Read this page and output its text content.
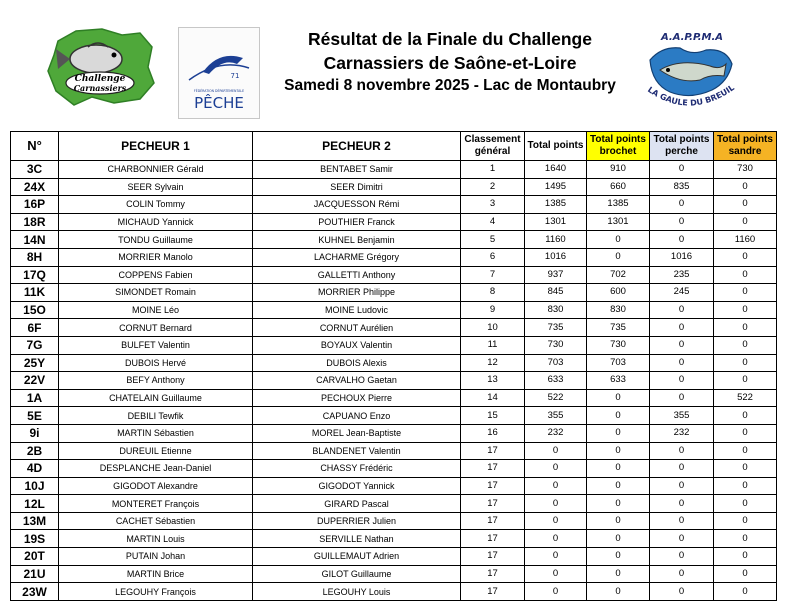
Challenge
Carnassiers
71
FÉDÉRATION DÉPARTEMENTALE
PÊCHE
Résultat de la Finale du Challenge
Carnassiers de Saône-et-Loire
Samedi 8 novembre 2025 - Lac de Montaubry
A.A.P.P.M.A
LA GAULE DU BREUIL
N°	PECHEUR 1	PECHEUR 2	Classement général	Total points	Total points brochet	Total points perche	Total points sandre
3C	CHARBONNIER Gérald	BENTABET Samir	1	1640	910	0	730
24X	SEER Sylvain	SEER Dimitri	2	1495	660	835	0
16P	COLIN Tommy	JACQUESSON Rémi	3	1385	1385	0	0
18R	MICHAUD Yannick	POUTHIER Franck	4	1301	1301	0	0
14N	TONDU Guillaume	KUHNEL Benjamin	5	1160	0	0	1160
8H	MORRIER Manolo	LACHARME Grégory	6	1016	0	1016	0
17Q	COPPENS Fabien	GALLETTI Anthony	7	937	702	235	0
11K	SIMONDET Romain	MORRIER Philippe	8	845	600	245	0
15O	MOINE Léo	MOINE Ludovic	9	830	830	0	0
6F	CORNUT Bernard	CORNUT Aurélien	10	735	735	0	0
7G	BULFET Valentin	BOYAUX Valentin	11	730	730	0	0
25Y	DUBOIS Hervé	DUBOIS Alexis	12	703	703	0	0
22V	BEFY Anthony	CARVALHO Gaetan	13	633	633	0	0
1A	CHATELAIN Guillaume	PECHOUX Pierre	14	522	0	0	522
5E	DEBILI Tewfik	CAPUANO Enzo	15	355	0	355	0
9i	MARTIN Sébastien	MOREL Jean-Baptiste	16	232	0	232	0
2B	DUREUIL Etienne	BLANDENET Valentin	17	0	0	0	0
4D	DESPLANCHE Jean-Daniel	CHASSY Frédéric	17	0	0	0	0
10J	GIGODOT Alexandre	GIGODOT Yannick	17	0	0	0	0
12L	MONTERET François	GIRARD Pascal	17	0	0	0	0
13M	CACHET Sébastien	DUPERRIER Julien	17	0	0	0	0
19S	MARTIN Louis	SERVILLE Nathan	17	0	0	0	0
20T	PUTAIN Johan	GUILLEMAUT Adrien	17	0	0	0	0
21U	MARTIN Brice	GILOT Guillaume	17	0	0	0	0
23W	LEGOUHY François	LEGOUHY Louis	17	0	0	0	0
